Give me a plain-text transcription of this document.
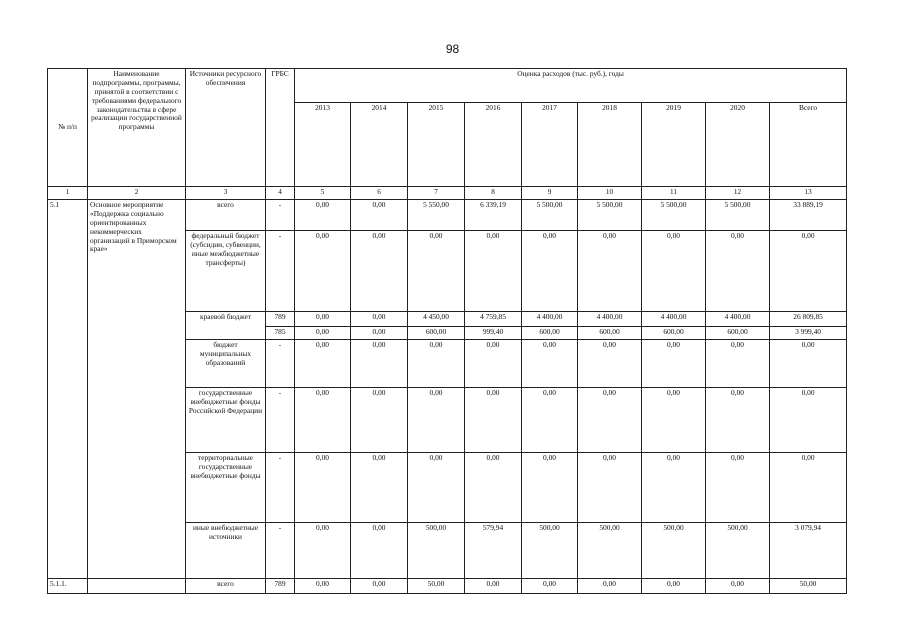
98
№ п/п	Наименование подпрограммы, программы, принятой в соответствии с требованиями федерального законодательства в сфере реализации государственной программы	Источники ресурсного обеспечения	ГРБС	Оценка расходов (тыс. руб.), годы								
				2013	2014	2015	2016	2017	2018	2019	2020	Всего
1	2	3	4	5	6	7	8	9	10	11	12	13
5.1	Основное мероприятие «Поддержка социально ориентированных некоммерческих организаций в Приморском крае»	всего	-	0,00	0,00	5 550,00	6 339,19	5 500,00	5 500,00	5 500,00	5 500,00	33 889,19
		федеральный бюджет (субсидии, субвенции, иные межбюджетные трансферты)	-	0,00	0,00	0,00	0,00	0,00	0,00	0,00	0,00	0,00
		краевой бюджет	789	0,00	0,00	4 450,00	4 759,85	4 400,00	4 400,00	4 400,00	4 400,00	26 809,85
			785	0,00	0,00	600,00	999,40	600,00	600,00	600,00	600,00	3 999,40
		бюджет муниципальных образований	-	0,00	0,00	0,00	0,00	0,00	0,00	0,00	0,00	0,00
		государственные внебюджетные фонды Российской Федерации	-	0,00	0,00	0,00	0,00	0,00	0,00	0,00	0,00	0,00
		территориальные государственные внебюджетные фонды	-	0,00	0,00	0,00	0,00	0,00	0,00	0,00	0,00	0,00
		иные внебюджетные источники	-	0,00	0,00	500,00	579,94	500,00	500,00	500,00	500,00	3 079,94
5.1.1.		всего	789	0,00	0,00	50,00	0,00	0,00	0,00	0,00	0,00	50,00
